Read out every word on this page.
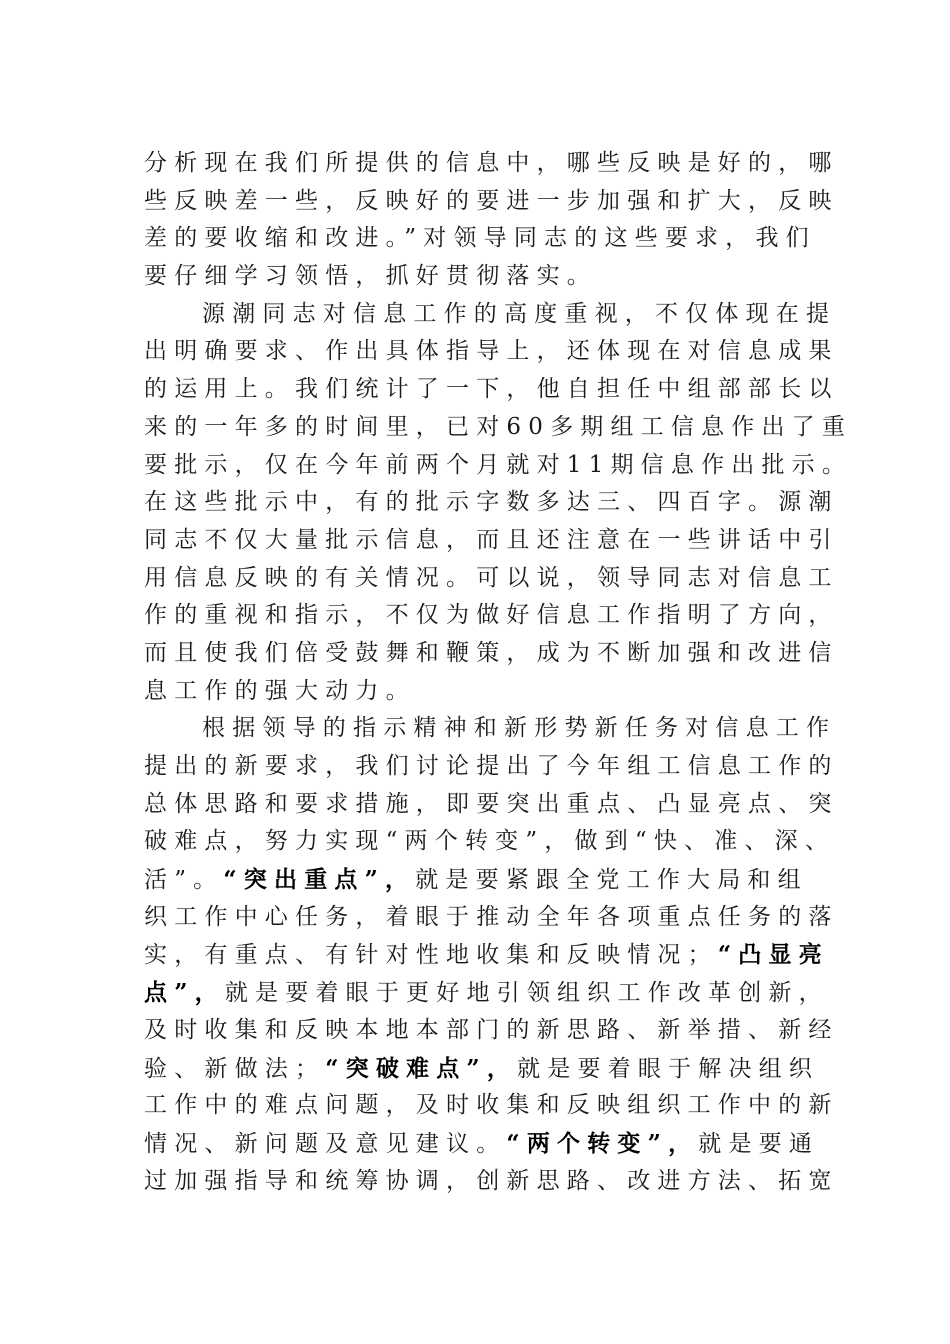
分析现在我们所提供的信息中，哪些反映是好的，哪
些反映差一些，反映好的要进一步加强和扩大，反映
差的要收缩和改进。”对领导同志的这些要求，我们
要仔细学习领悟，抓好贯彻落实。
源潮同志对信息工作的高度重视，不仅体现在提
出明确要求、作出具体指导上，还体现在对信息成果
的运用上。我们统计了一下，他自担任中组部部长以
来的一年多的时间里，已对60多期组工信息作出了重
要批示，仅在今年前两个月就对11期信息作出批示。
在这些批示中，有的批示字数多达三、四百字。源潮
同志不仅大量批示信息，而且还注意在一些讲话中引
用信息反映的有关情况。可以说，领导同志对信息工
作的重视和指示，不仅为做好信息工作指明了方向，
而且使我们倍受鼓舞和鞭策，成为不断加强和改进信
息工作的强大动力。
根据领导的指示精神和新形势新任务对信息工作
提出的新要求，我们讨论提出了今年组工信息工作的
总体思路和要求措施，即要突出重点、凸显亮点、突
破难点，努力实现“两个转变”，做到“快、准、深、
活”。“突出重点”，就是要紧跟全党工作大局和组
织工作中心任务，着眼于推动全年各项重点任务的落
实，有重点、有针对性地收集和反映情况；“凸显亮
点”，就是要着眼于更好地引领组织工作改革创新，
及时收集和反映本地本部门的新思路、新举措、新经
验、新做法；“突破难点”，就是要着眼于解决组织
工作中的难点问题，及时收集和反映组织工作中的新
情况、新问题及意见建议。“两个转变”，就是要通
过加强指导和统筹协调，创新思路、改进方法、拓宽
